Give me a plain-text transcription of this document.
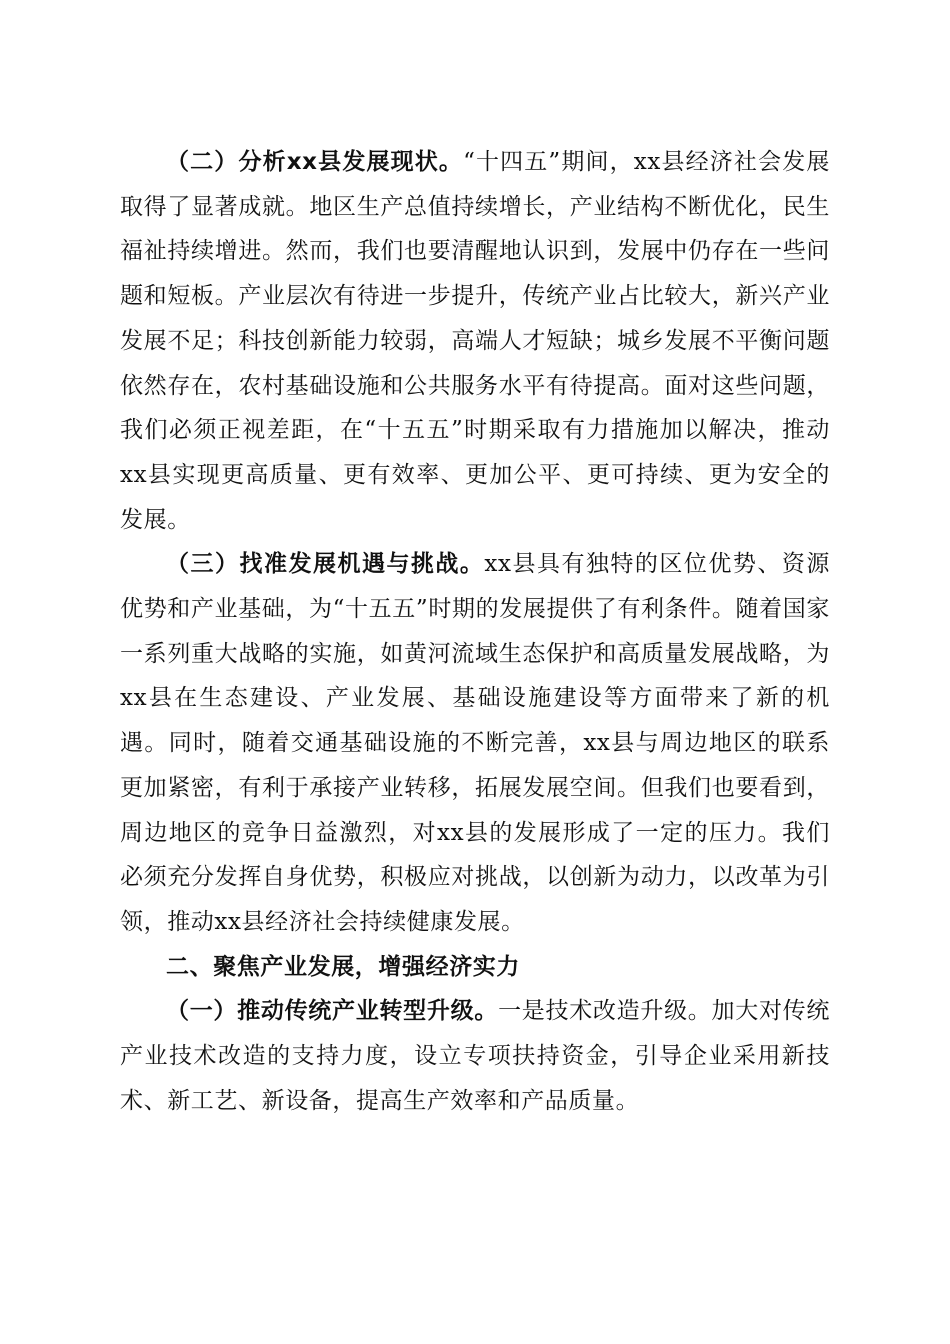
（二）分析xx县发展现状。“十四五”期间，xx县经济社会发展取得了显著成就。地区生产总值持续增长，产业结构不断优化，民生福祉持续增进。然而，我们也要清醒地认识到，发展中仍存在一些问题和短板。产业层次有待进一步提升，传统产业占比较大，新兴产业发展不足；科技创新能力较弱，高端人才短缺；城乡发展不平衡问题依然存在，农村基础设施和公共服务水平有待提高。面对这些问题，我们必须正视差距，在“十五五”时期采取有力措施加以解决，推动xx县实现更高质量、更有效率、更加公平、更可持续、更为安全的发展。

（三）找准发展机遇与挑战。xx县具有独特的区位优势、资源优势和产业基础，为“十五五”时期的发展提供了有利条件。随着国家一系列重大战略的实施，如黄河流域生态保护和高质量发展战略，为xx县在生态建设、产业发展、基础设施建设等方面带来了新的机遇。同时，随着交通基础设施的不断完善，xx县与周边地区的联系更加紧密，有利于承接产业转移，拓展发展空间。但我们也要看到，周边地区的竞争日益激烈，对xx县的发展形成了一定的压力。我们必须充分发挥自身优势，积极应对挑战，以创新为动力，以改革为引领，推动xx县经济社会持续健康发展。

二、聚焦产业发展，增强经济实力

（一）推动传统产业转型升级。一是技术改造升级。加大对传统产业技术改造的支持力度，设立专项扶持资金，引导企业采用新技术、新工艺、新设备，提高生产效率和产品质量。
